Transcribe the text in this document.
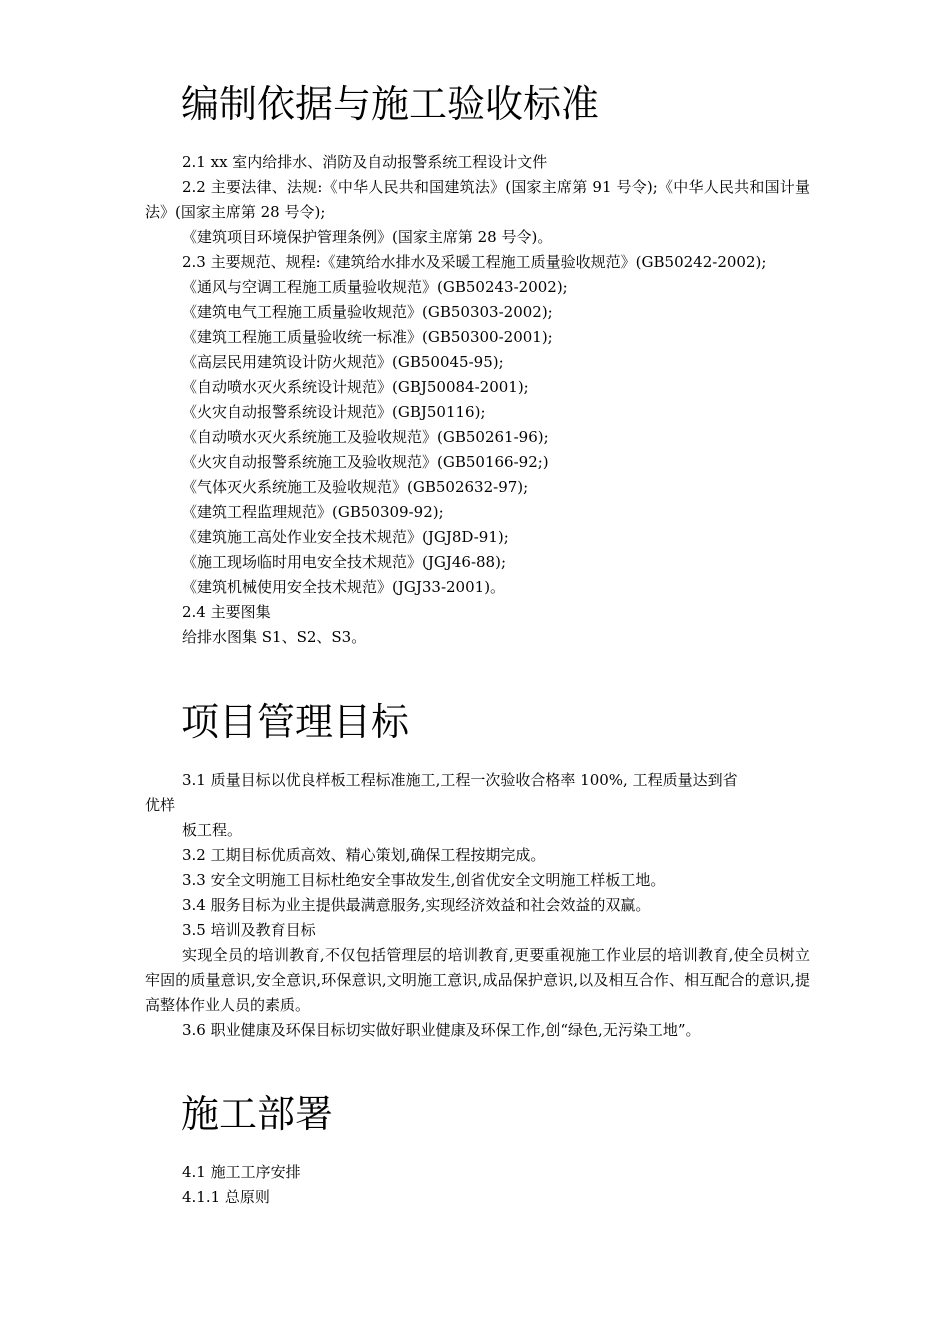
编制依据与施工验收标准

2.1 xx 室内给排水、消防及自动报警系统工程设计文件

2.2 主要法律、法规:《中华人民共和国建筑法》(国家主席第 91 号令);《中华人民共和国计量法》(国家主席第 28 号令);

《建筑项目环境保护管理条例》(国家主席第 28 号令)。

2.3 主要规范、规程:《建筑给水排水及采暖工程施工质量验收规范》(GB50242-2002);

《通风与空调工程施工质量验收规范》(GB50243-2002);

《建筑电气工程施工质量验收规范》(GB50303-2002);

《建筑工程施工质量验收统一标准》(GB50300-2001);

《高层民用建筑设计防火规范》(GB50045-95);

《自动喷水灭火系统设计规范》(GBJ50084-2001);

《火灾自动报警系统设计规范》(GBJ50116);

《自动喷水灭火系统施工及验收规范》(GB50261-96);

《火灾自动报警系统施工及验收规范》(GB50166-92;)

《气体灭火系统施工及验收规范》(GB502632-97);

《建筑工程监理规范》(GB50309-92);

《建筑施工高处作业安全技术规范》(JGJ8D-91);

《施工现场临时用电安全技术规范》(JGJ46-88);

《建筑机械使用安全技术规范》(JGJ33-2001)。

2.4 主要图集

给排水图集 S1、S2、S3。

项目管理目标

3.1 质量目标以优良样板工程标准施工,工程一次验收合格率 100%, 工程质量达到省

优样

板工程。

3.2 工期目标优质高效、精心策划,确保工程按期完成。

3.3 安全文明施工目标杜绝安全事故发生,创省优安全文明施工样板工地。

3.4 服务目标为业主提供最满意服务,实现经济效益和社会效益的双赢。

3.5 培训及教育目标

实现全员的培训教育,不仅包括管理层的培训教育,更要重视施工作业层的培训教育,使全员树立牢固的质量意识,安全意识,环保意识,文明施工意识,成品保护意识,以及相互合作、相互配合的意识,提高整体作业人员的素质。

3.6 职业健康及环保目标切实做好职业健康及环保工作,创“绿色,无污染工地”。

施工部署

4.1 施工工序安排

4.1.1 总原则
